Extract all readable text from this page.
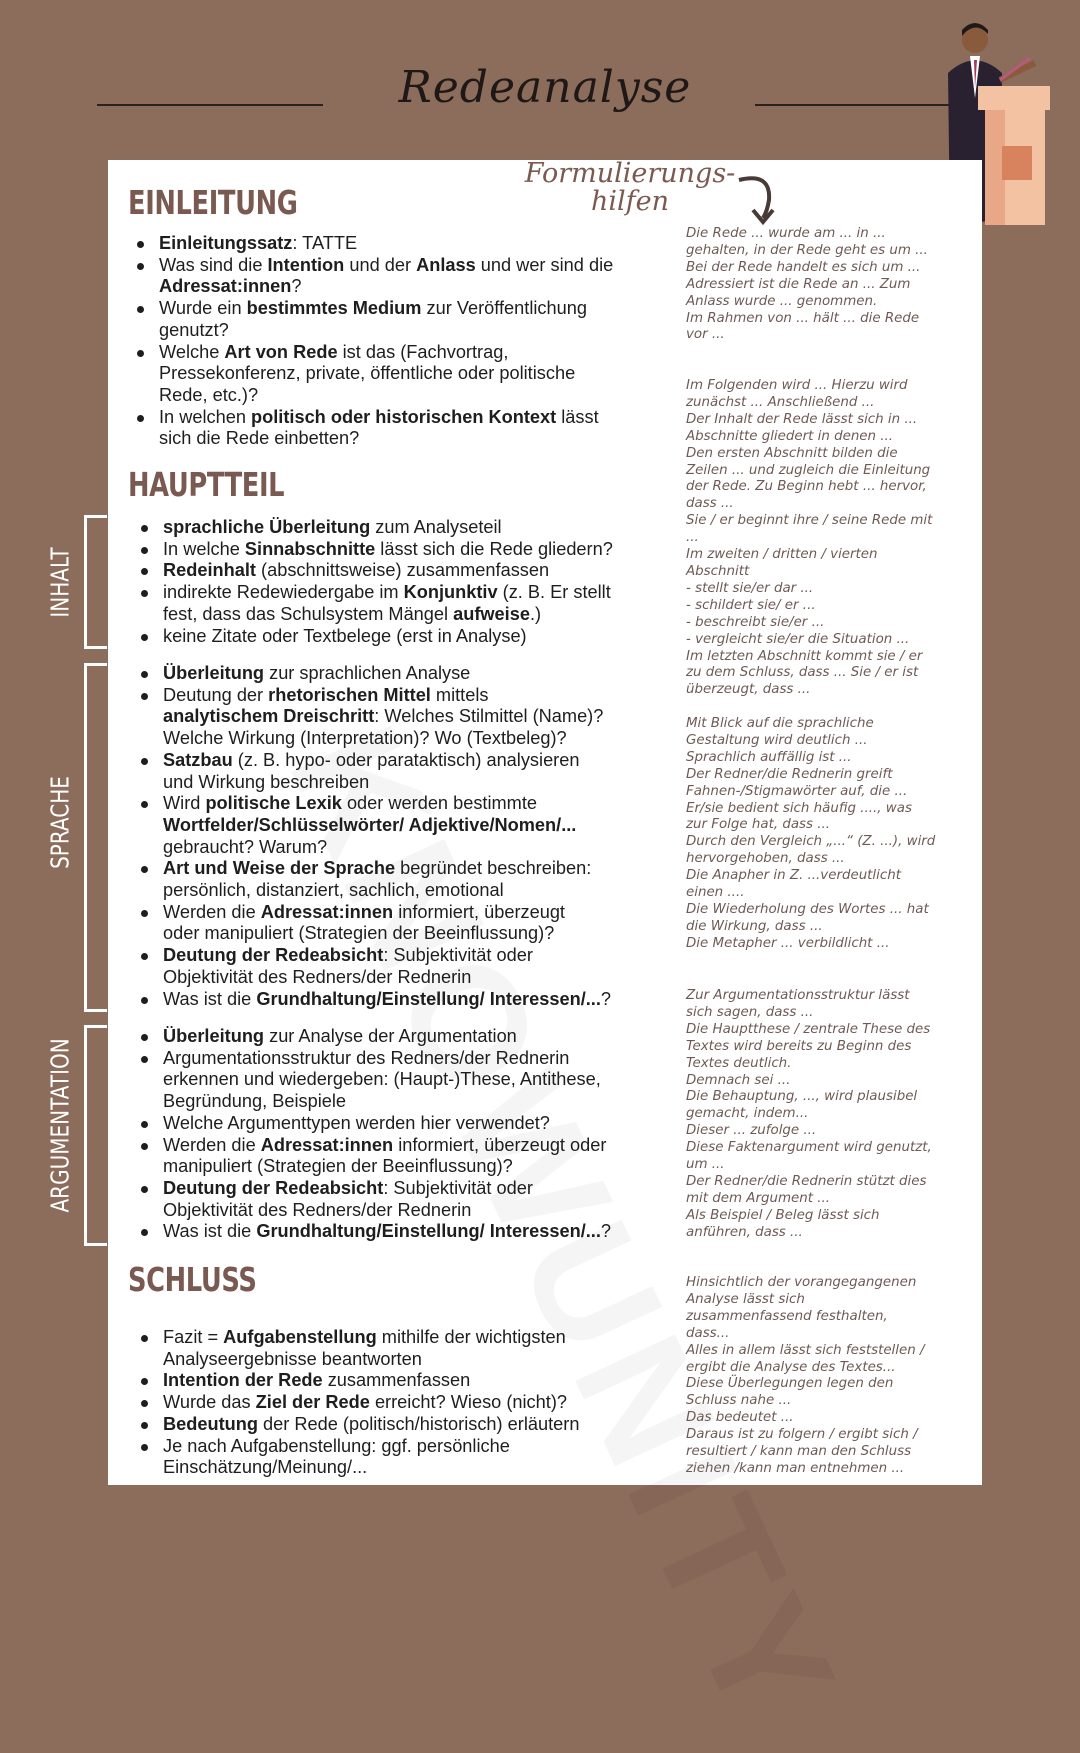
Redeanalyse
Formulierungs- hilfen
EINLEITUNG
Einleitungssatz: TATTE
Was sind die Intention und der Anlass und wer sind die
Adressat:innen?
Wurde ein bestimmtes Medium zur Veröffentlichung
genutzt?
Welche Art von Rede ist das (Fachvortrag,
Pressekonferenz, private, öffentliche oder politische
Rede, etc.)?
In welchen politisch oder historischen Kontext lässt
sich die Rede einbetten?
HAUPTTEIL
sprachliche Überleitung zum Analyseteil
In welche Sinnabschnitte lässt sich die Rede gliedern?
Redeinhalt (abschnittsweise) zusammenfassen
indirekte Redewiedergabe im Konjunktiv (z. B. Er stellt
fest, dass das Schulsystem Mängel aufweise.)
keine Zitate oder Textbelege (erst in Analyse)
Überleitung zur sprachlichen Analyse
Deutung der rhetorischen Mittel mittels
analytischem Dreischritt: Welches Stilmittel (Name)?
Welche Wirkung (Interpretation)? Wo (Textbeleg)?
Satzbau (z. B. hypo- oder parataktisch) analysieren
und Wirkung beschreiben
Wird politische Lexik oder werden bestimmte
Wortfelder/Schlüsselwörter/ Adjektive/Nomen/...
gebraucht? Warum?
Art und Weise der Sprache begründet beschreiben:
persönlich, distanziert, sachlich, emotional
Werden die Adressat:innen informiert, überzeugt
oder manipuliert (Strategien der Beeinflussung)?
Deutung der Redeabsicht: Subjektivität oder
Objektivität des Redners/der Rednerin
Was ist die Grundhaltung/Einstellung/ Interessen/...?
Überleitung zur Analyse der Argumentation
Argumentationsstruktur des Redners/der Rednerin
erkennen und wiedergeben: (Haupt-)These, Antithese,
Begründung, Beispiele
Welche Argumenttypen werden hier verwendet?
Werden die Adressat:innen informiert, überzeugt oder
manipuliert (Strategien der Beeinflussung)?
Deutung der Redeabsicht: Subjektivität oder
Objektivität des Redners/der Rednerin
Was ist die Grundhaltung/Einstellung/ Interessen/...?
SCHLUSS
Fazit = Aufgabenstellung mithilfe der wichtigsten
Analyseergebnisse beantworten
Intention der Rede zusammenfassen
Wurde das Ziel der Rede erreicht? Wieso (nicht)?
Bedeutung der Rede (politisch/historisch) erläutern
Je nach Aufgabenstellung: ggf. persönliche
Einschätzung/Meinung/...
INHALT
SPRACHE
ARGUMENTATION
Die Rede ... wurde am ... in ...
gehalten, in der Rede geht es um ...
Bei der Rede handelt es sich um ...
Adressiert ist die Rede an ... Zum
Anlass wurde ... genommen.
Im Rahmen von ... hält ... die Rede
vor ...
Im Folgenden wird ... Hierzu wird
zunächst ... Anschließend ...
Der Inhalt der Rede lässt sich in ...
Abschnitte gliedert in denen ...
Den ersten Abschnitt bilden die
Zeilen ... und zugleich die Einleitung
der Rede. Zu Beginn hebt ... hervor,
dass ...
Sie / er beginnt ihre / seine Rede mit
...
Im zweiten / dritten / vierten
Abschnitt
- stellt sie/er dar ...
- schildert sie/ er ...
- beschreibt sie/er ...
- vergleicht sie/er die Situation ...
Im letzten Abschnitt kommt sie / er
zu dem Schluss, dass ... Sie / er ist
überzeugt, dass ...
Mit Blick auf die sprachliche
Gestaltung wird deutlich ...
Sprachlich auffällig ist ...
Der Redner/die Rednerin greift
Fahnen-/Stigmawörter auf, die ...
Er/sie bedient sich häufig ...., was
zur Folge hat, dass ...
Durch den Vergleich „...“ (Z. ...), wird
hervorgehoben, dass ...
Die Anapher in Z. ...verdeutlicht
einen ....
Die Wiederholung des Wortes ... hat
die Wirkung, dass ...
Die Metapher ... verbildlicht ...
Zur Argumentationsstruktur lässt
sich sagen, dass ...
Die Hauptthese / zentrale These des
Textes wird bereits zu Beginn des
Textes deutlich.
Demnach sei ...
Die Behauptung, ..., wird plausibel
gemacht, indem...
Dieser ... zufolge ...
Diese Faktenargument wird genutzt,
um ...
Der Redner/die Rednerin stützt dies
mit dem Argument ...
Als Beispiel / Beleg lässt sich
anführen, dass ...
Hinsichtlich der vorangegangenen
Analyse lässt sich
zusammenfassend festhalten,
dass...
Alles in allem lässt sich feststellen /
ergibt die Analyse des Textes...
Diese Überlegungen legen den
Schluss nahe ...
Das bedeutet ...
Daraus ist zu folgern / ergibt sich /
resultiert / kann man den Schluss
ziehen /kann man entnehmen ...
